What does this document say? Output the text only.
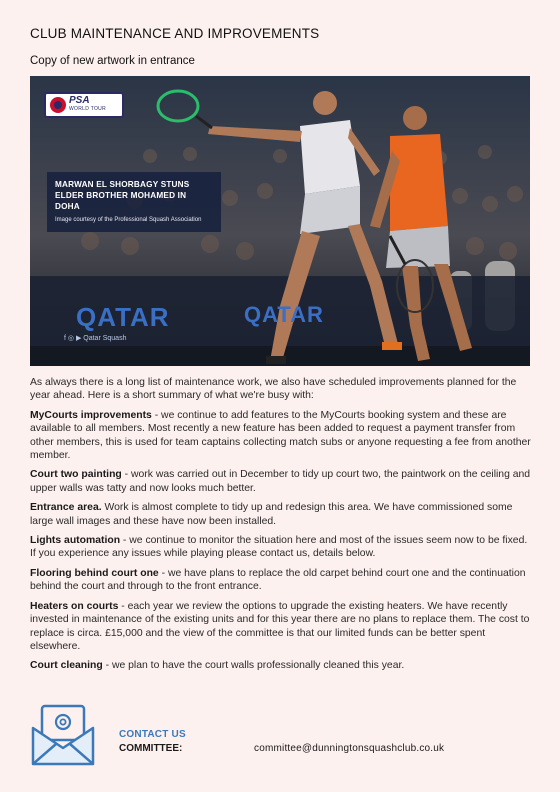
CLUB MAINTENANCE AND IMPROVEMENTS
Copy of new artwork in entrance
PSA
WORLD TOUR
MARWAN EL SHORBAGY STUNS ELDER BROTHER MOHAMED IN DOHA
Image courtesy of the Professional Squash Association
QATAR	QATAR
f ◎ ▶ Qatar Squash

As always there is a long list of maintenance work, we also have scheduled improvements planned for the year ahead. Here is a short summary of what we're busy with:

MyCourts improvements - we continue to add features to the MyCourts booking system and these are available to all members. Most recently a new feature has been added to request a payment transfer from other members, this is used for team captains collecting match subs or anyone requesting a fee from another member.

Court two painting - work was carried out in December to tidy up court two, the paintwork on the ceiling and upper walls was tatty and now looks much better.

Entrance area. Work is almost complete to tidy up and redesign this area. We have commissioned some large wall images and these have now been installed.

Lights automation - we continue to monitor the situation here and most of the issues seem now to be fixed. If you experience any issues while playing please contact us, details below.

Flooring behind court one - we have plans to replace the old carpet behind court one and the continuation behind the court and through to the front entrance.

Heaters on courts - each year we review the options to upgrade the existing heaters. We have recently invested in maintenance of the existing units and for this year there are no plans to replace them. The cost to replace is circa. £15,000 and the view of the committee is that our limited funds can be better spent elsewhere.

Court cleaning - we plan to have the court walls professionally cleaned this year.

CONTACT US
COMMITTEE:	committee@dunningtonsquashclub.co.uk
